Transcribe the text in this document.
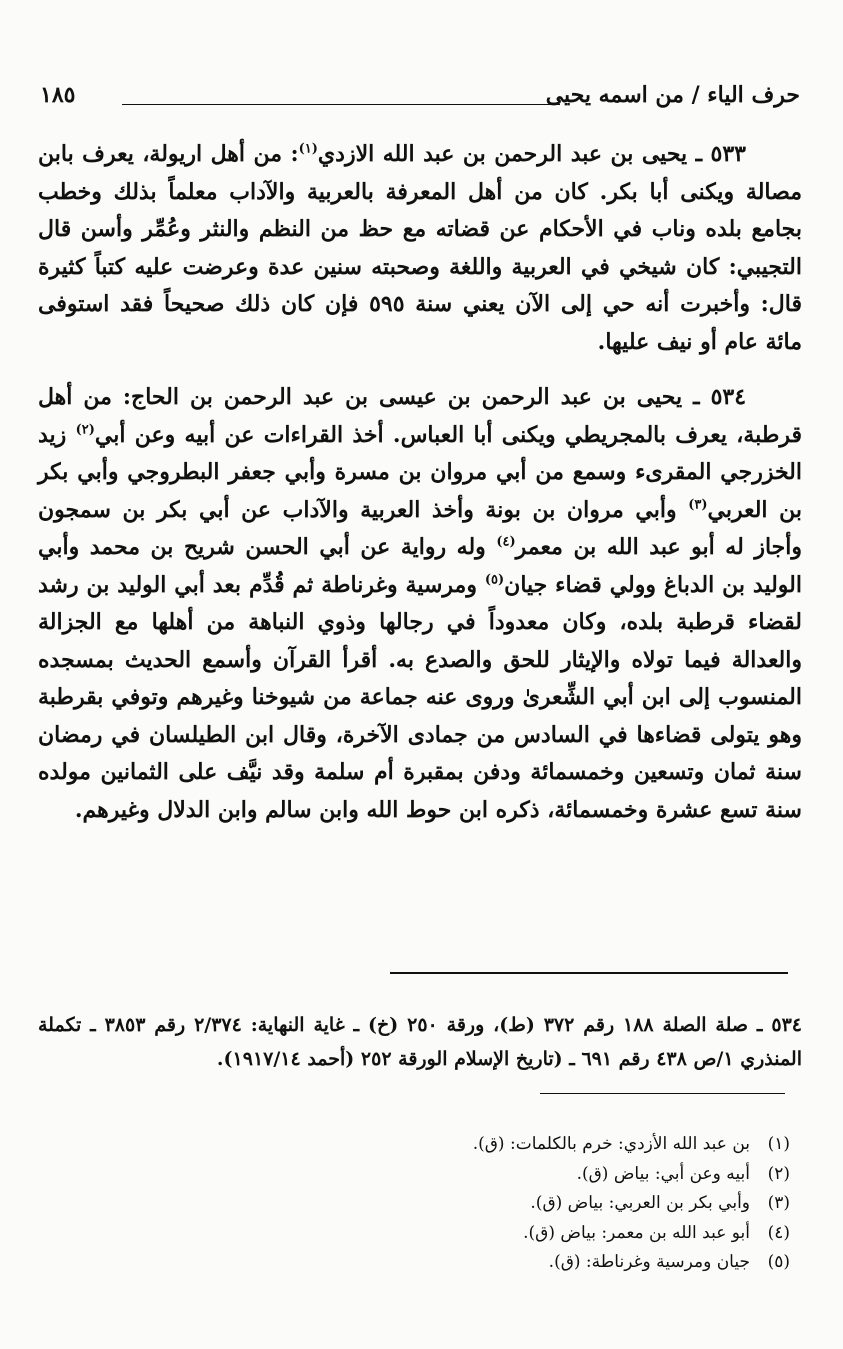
حرف الياء / من اسمه يحيى
١٨٥

٥٣٣ ـ يحيى بن عبد الرحمن بن عبد الله الازدي$^{(١)}$: من أهل اريولة، يعرف بابن مصالة ويكنى أبا بكر. كان من أهل المعرفة بالعربية والآداب معلماً بذلك وخطب بجامع بلده وناب في الأحكام عن قضاته مع حظ من النظم والنثر وعُمِّر وأسن قال التجيبي: كان شيخي في العربية واللغة وصحبته سنين عدة وعرضت عليه كتباً كثيرة قال: وأخبرت أنه حي إلى الآن يعني سنة ٥٩٥ فإن كان ذلك صحيحاً فقد استوفى مائة عام أو نيف عليها.

٥٣٤ ـ يحيى بن عبد الرحمن بن عيسى بن عبد الرحمن بن الحاج: من أهل قرطبة، يعرف بالمجريطي ويكنى أبا العباس. أخذ القراءات عن أبيه وعن أبي$^{(٢)}$ زيد الخزرجي المقرىء وسمع من أبي مروان بن مسرة وأبي جعفر البطروجي وأبي بكر بن العربي$^{(٣)}$ وأبي مروان بن بونة وأخذ العربية والآداب عن أبي بكر بن سمجون وأجاز له أبو عبد الله بن معمر$^{(٤)}$ وله رواية عن أبي الحسن شريح بن محمد وأبي الوليد بن الدباغ وولي قضاء جيان$^{(٥)}$ ومرسية وغرناطة ثم قُدِّم بعد أبي الوليد بن رشد لقضاء قرطبة بلده، وكان معدوداً في رجالها وذوي النباهة من أهلها مع الجزالة والعدالة فيما تولاه والإيثار للحق والصدع به. أقرأ القرآن وأسمع الحديث بمسجده المنسوب إلى ابن أبي الشِّعرىٰ وروى عنه جماعة من شيوخنا وغيرهم وتوفي بقرطبة وهو يتولى قضاءها في السادس من جمادى الآخرة، وقال ابن الطيلسان في رمضان سنة ثمان وتسعين وخمسمائة ودفن بمقبرة أم سلمة وقد نيَّف على الثمانين مولده سنة تسع عشرة وخمسمائة، ذكره ابن حوط الله وابن سالم وابن الدلال وغيرهم.

٥٣٤ ـ صلة الصلة ١٨٨ رقم ٣٧٢ (ط)، ورقة ٢٥٠ (خ) ـ غاية النهاية: ٢/٣٧٤ رقم ٣٨٥٣ ـ تكملة المنذري ١/ص ٤٣٨ رقم ٦٩١ ـ (تاريخ الإسلام الورقة ٢٥٢ (أحمد ١٩١٧/١٤).
(١)بن عبد الله الأزدي: خرم بالكلمات: (ق).
(٢)أبيه وعن أبي: بياض (ق).
(٣)وأبي بكر بن العربي: بياض (ق).
(٤)أبو عبد الله بن معمر: بياض (ق).
(٥)جيان ومرسية وغرناطة: (ق).
